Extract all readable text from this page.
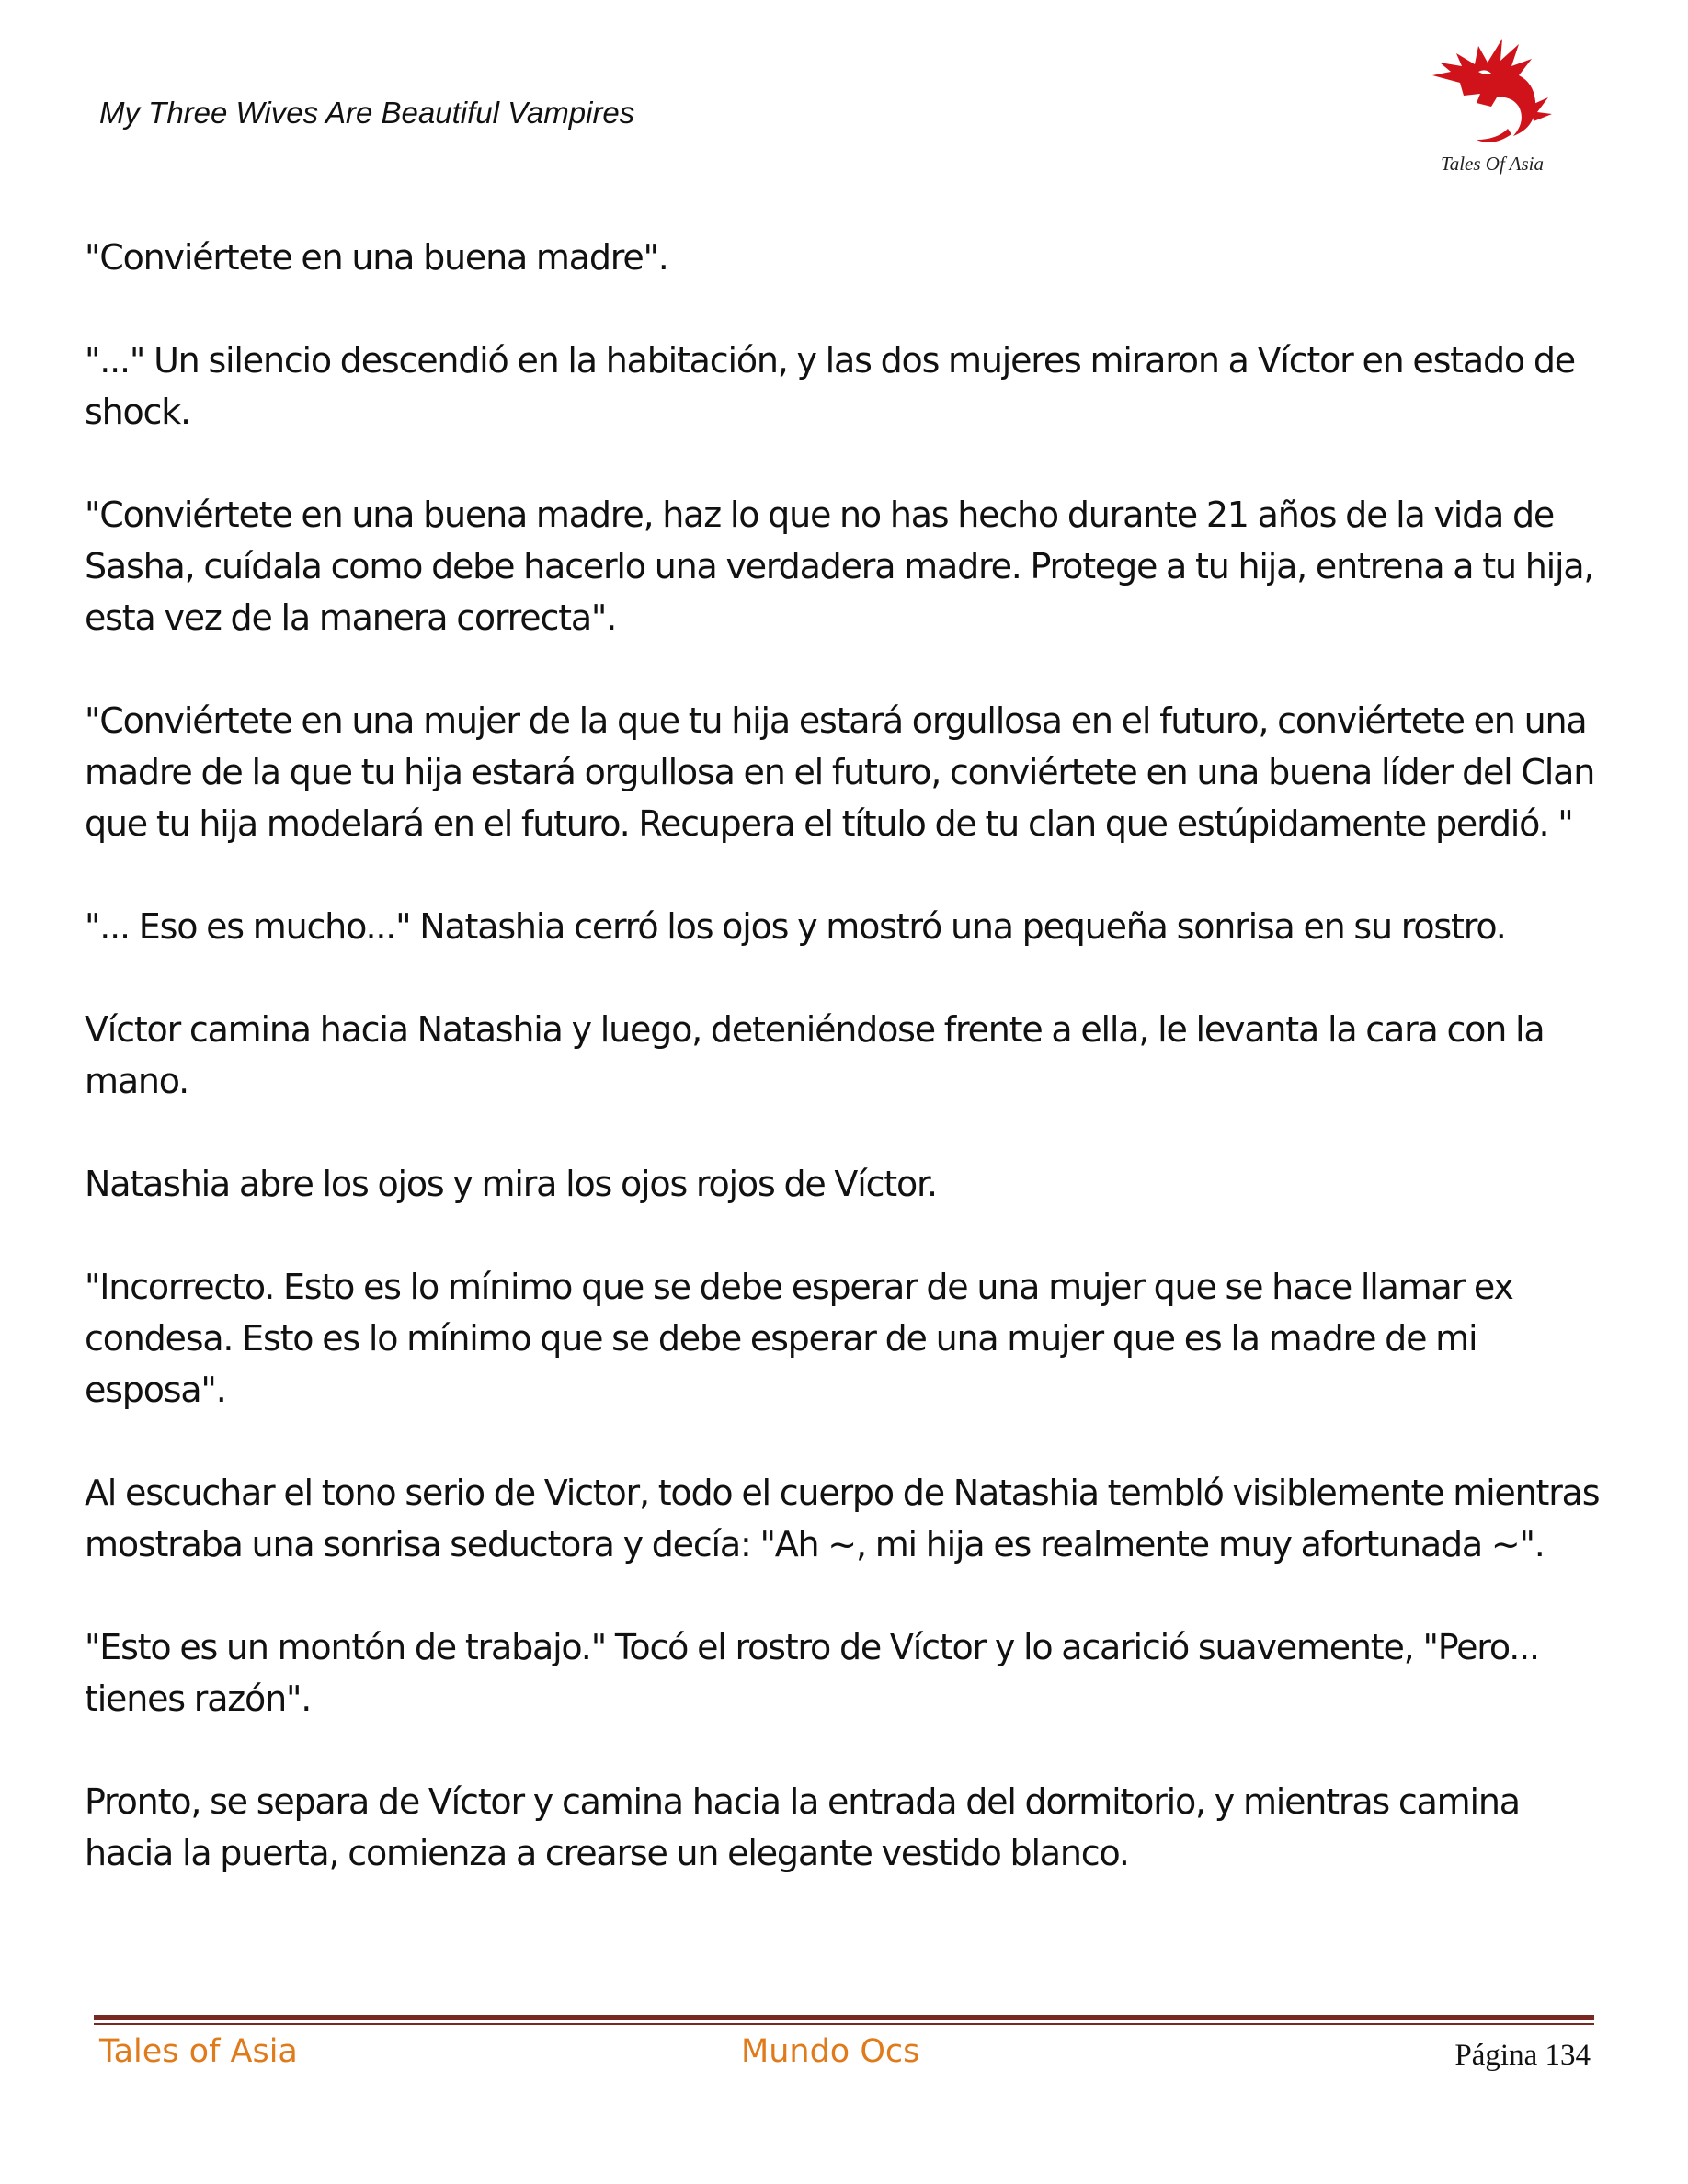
My Three Wives Are Beautiful Vampires
Tales Of Asia

"Conviértete en una buena madre".

"..." Un silencio descendió en la habitación, y las dos mujeres miraron a Víctor en estado de shock.

"Conviértete en una buena madre, haz lo que no has hecho durante 21 años de la vida de Sasha, cuídala como debe hacerlo una verdadera madre. Protege a tu hija, entrena a tu hija, esta vez de la manera correcta".

"Conviértete en una mujer de la que tu hija estará orgullosa en el futuro, conviértete en una madre de la que tu hija estará orgullosa en el futuro, conviértete en una buena líder del Clan que tu hija modelará en el futuro. Recupera el título de tu clan que estúpidamente perdió. "

"... Eso es mucho..." Natashia cerró los ojos y mostró una pequeña sonrisa en su rostro.

Víctor camina hacia Natashia y luego, deteniéndose frente a ella, le levanta la cara con la mano.

Natashia abre los ojos y mira los ojos rojos de Víctor.

"Incorrecto. Esto es lo mínimo que se debe esperar de una mujer que se hace llamar ex condesa. Esto es lo mínimo que se debe esperar de una mujer que es la madre de mi esposa".

Al escuchar el tono serio de Victor, todo el cuerpo de Natashia tembló visiblemente mientras mostraba una sonrisa seductora y decía: "Ah ~, mi hija es realmente muy afortunada ~".

"Esto es un montón de trabajo." Tocó el rostro de Víctor y lo acarició suavemente, "Pero... tienes razón".

Pronto, se separa de Víctor y camina hacia la entrada del dormitorio, y mientras camina hacia la puerta, comienza a crearse un elegante vestido blanco.

Tales of Asia	Mundo Ocs	Página 134
